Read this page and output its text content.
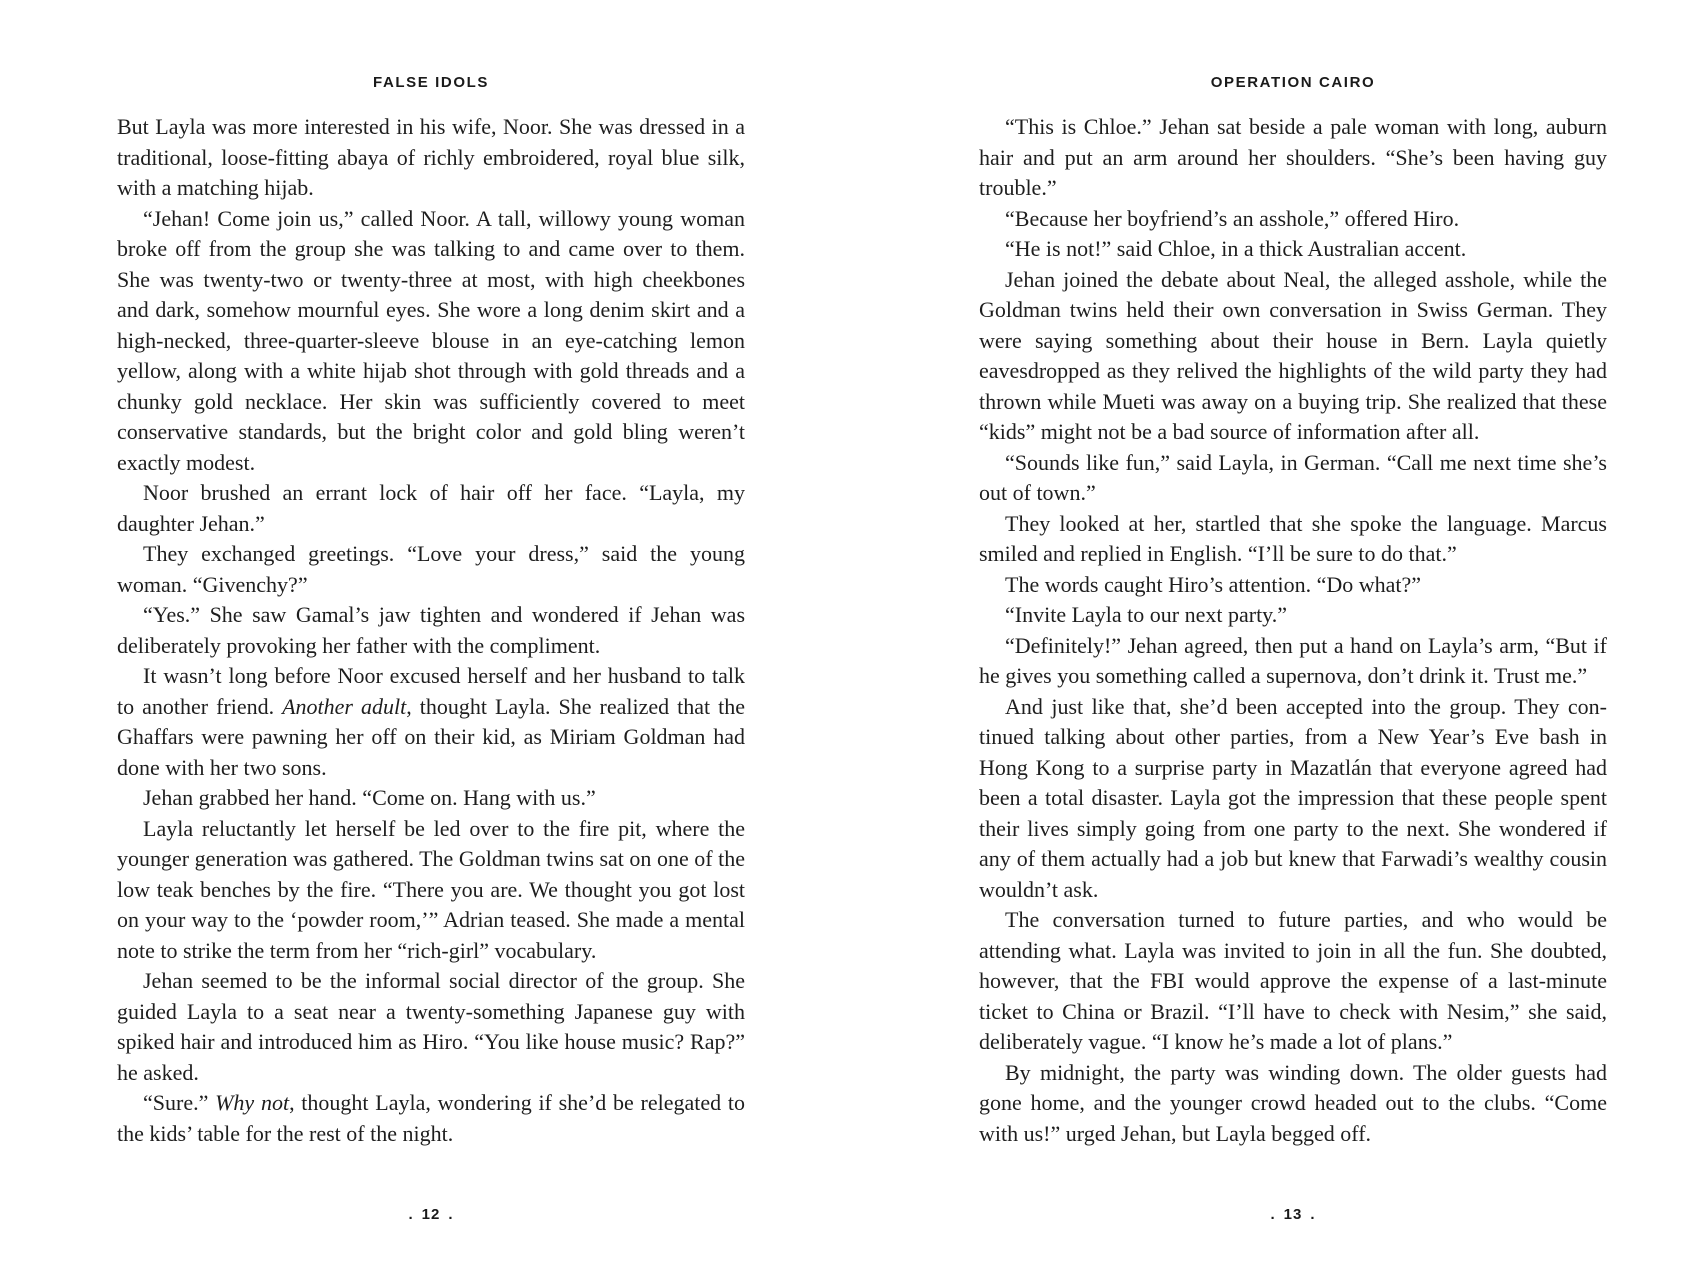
FALSE IDOLS

But Layla was more interested in his wife, Noor. She was dressed in a traditional, loose-fitting abaya of richly embroidered, royal blue silk, with a matching hijab.

“Jehan! Come join us,” called Noor. A tall, willowy young woman broke off from the group she was talking to and came over to them. She was twenty-two or twenty-three at most, with high cheekbones and dark, somehow mournful eyes. She wore a long denim skirt and a high-necked, three-quarter-sleeve blouse in an eye-catching lemon yellow, along with a white hijab shot through with gold threads and a chunky gold necklace. Her skin was sufficiently covered to meet conservative standards, but the bright color and gold bling weren’t exactly modest.

Noor brushed an errant lock of hair off her face. “Layla, my daughter Jehan.”

They exchanged greetings. “Love your dress,” said the young woman. “Givenchy?”

“Yes.” She saw Gamal’s jaw tighten and wondered if Jehan was deliberately provoking her father with the compliment.

It wasn’t long before Noor excused herself and her husband to talk to another friend. Another adult, thought Layla. She realized that the Ghaffars were pawning her off on their kid, as Miriam Goldman had done with her two sons.

Jehan grabbed her hand. “Come on. Hang with us.”

Layla reluctantly let herself be led over to the fire pit, where the younger generation was gathered. The Goldman twins sat on one of the low teak benches by the fire. “There you are. We thought you got lost on your way to the ‘powder room,’” Adrian teased. She made a mental note to strike the term from her “rich-girl” vocabulary.

Jehan seemed to be the informal social director of the group. She guided Layla to a seat near a twenty-something Japanese guy with spiked hair and introduced him as Hiro. “You like house music? Rap?” he asked.

“Sure.” Why not, thought Layla, wondering if she’d be relegated to the kids’ table for the rest of the night.

. 12 .
OPERATION CAIRO

“This is Chloe.” Jehan sat beside a pale woman with long, auburn hair and put an arm around her shoulders. “She’s been having guy trouble.”

“Because her boyfriend’s an asshole,” offered Hiro.

“He is not!” said Chloe, in a thick Australian accent.

Jehan joined the debate about Neal, the alleged asshole, while the Goldman twins held their own conversation in Swiss German. They were saying something about their house in Bern. Layla quietly eavesdropped as they relived the highlights of the wild party they had thrown while Mueti was away on a buying trip. She realized that these “kids” might not be a bad source of information after all.

“Sounds like fun,” said Layla, in German. “Call me next time she’s out of town.”

They looked at her, startled that she spoke the language. Marcus smiled and replied in English. “I’ll be sure to do that.”

The words caught Hiro’s attention. “Do what?”

“Invite Layla to our next party.”

“Definitely!” Jehan agreed, then put a hand on Layla’s arm, “But if he gives you something called a supernova, don’t drink it. Trust me.”

And just like that, she’d been accepted into the group. They continued talking about other parties, from a New Year’s Eve bash in Hong Kong to a surprise party in Mazatlán that everyone agreed had been a total disaster. Layla got the impression that these people spent their lives simply going from one party to the next. She wondered if any of them actually had a job but knew that Farwadi’s wealthy cousin wouldn’t ask.

The conversation turned to future parties, and who would be attending what. Layla was invited to join in all the fun. She doubted, however, that the FBI would approve the expense of a last-minute ticket to China or Brazil. “I’ll have to check with Nesim,” she said, deliberately vague. “I know he’s made a lot of plans.”

By midnight, the party was winding down. The older guests had gone home, and the younger crowd headed out to the clubs. “Come with us!” urged Jehan, but Layla begged off.

. 13 .
